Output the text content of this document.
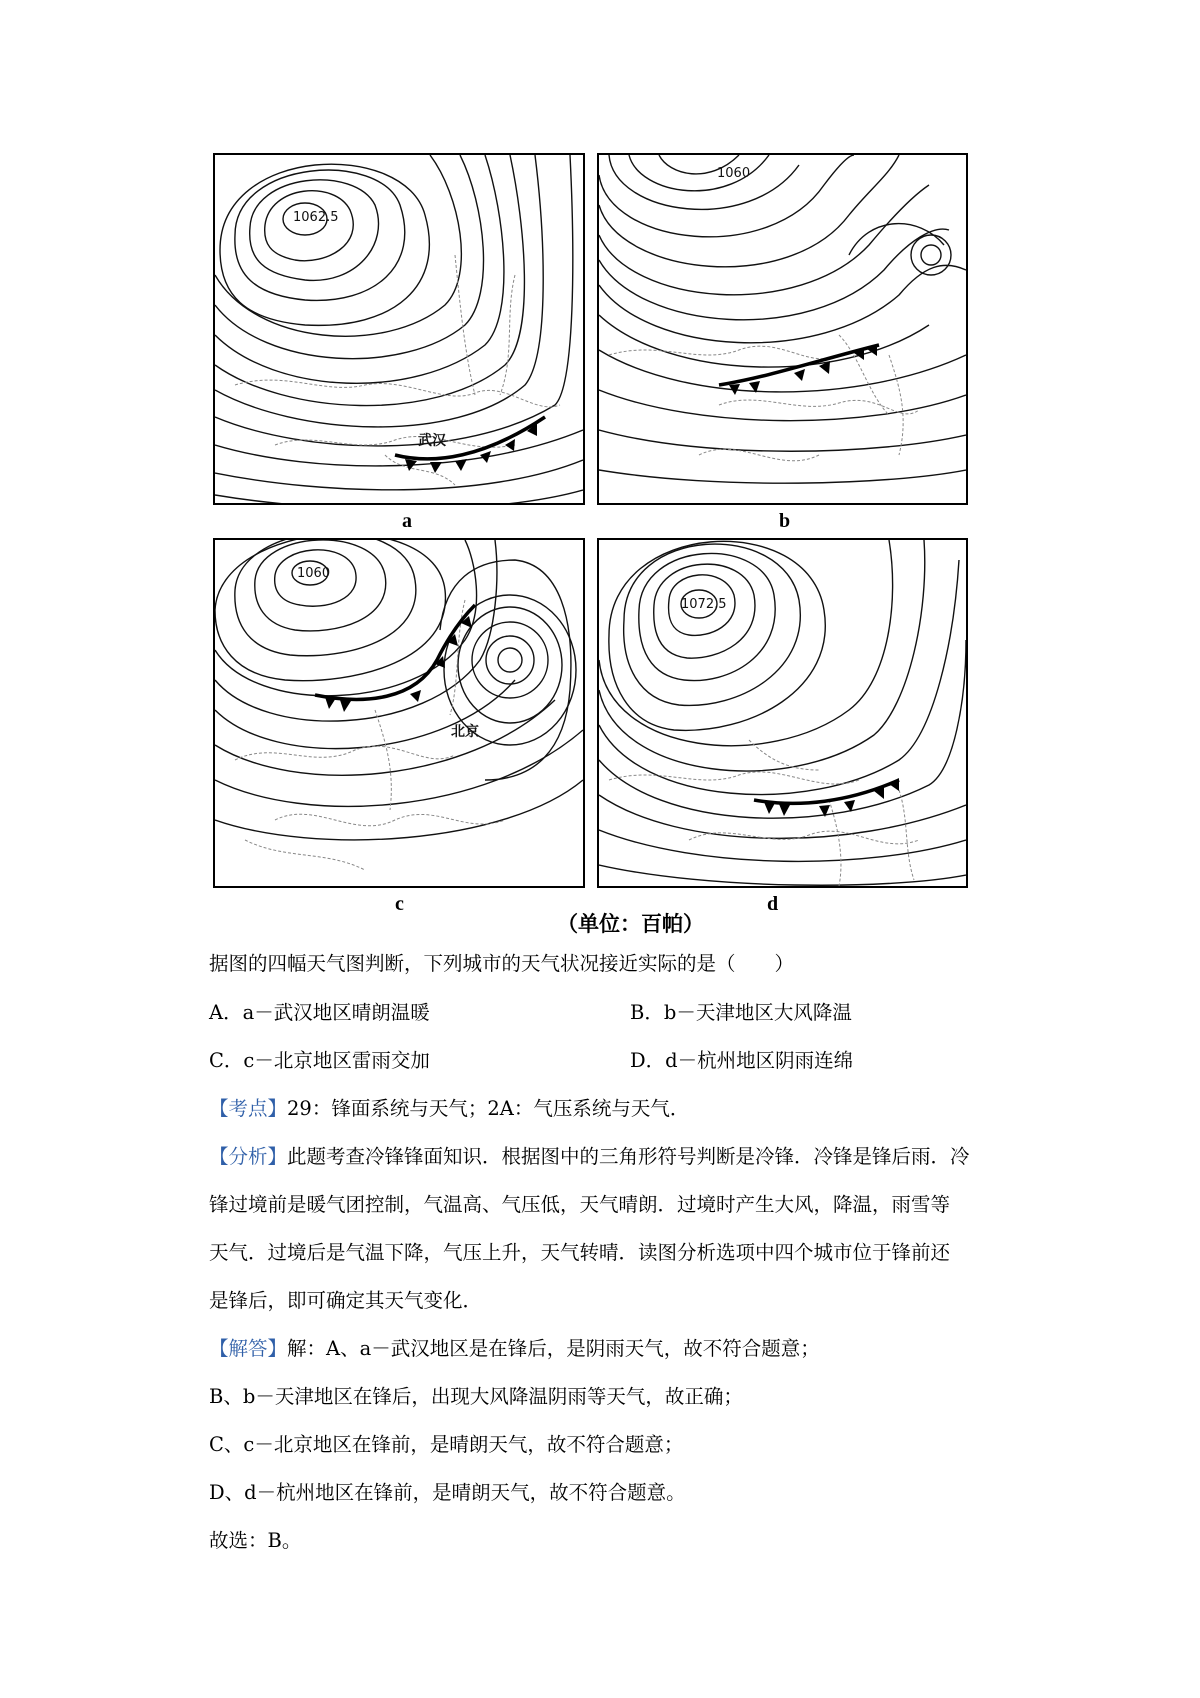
1062.5
武汉
a
1060
b
1060
北京
c
1072.5
d
（单位：百帕）
据图的四幅天气图判断，下列城市的天气状况接近实际的是（　　）
A．a－武汉地区晴朗温暖	B．b－天津地区大风降温
C．c－北京地区雷雨交加	D．d－杭州地区阴雨连绵
【考点】29：锋面系统与天气；2A：气压系统与天气．
【分析】此题考查冷锋锋面知识．根据图中的三角形符号判断是冷锋．冷锋是锋后雨．冷
锋过境前是暖气团控制，气温高、气压低，天气晴朗．过境时产生大风，降温，雨雪等
天气．过境后是气温下降，气压上升，天气转晴．读图分析选项中四个城市位于锋前还
是锋后，即可确定其天气变化．
【解答】解：A、a－武汉地区是在锋后，是阴雨天气，故不符合题意；
B、b－天津地区在锋后，出现大风降温阴雨等天气，故正确；
C、c－北京地区在锋前，是晴朗天气，故不符合题意；
D、d－杭州地区在锋前，是晴朗天气，故不符合题意。
故选：B。
